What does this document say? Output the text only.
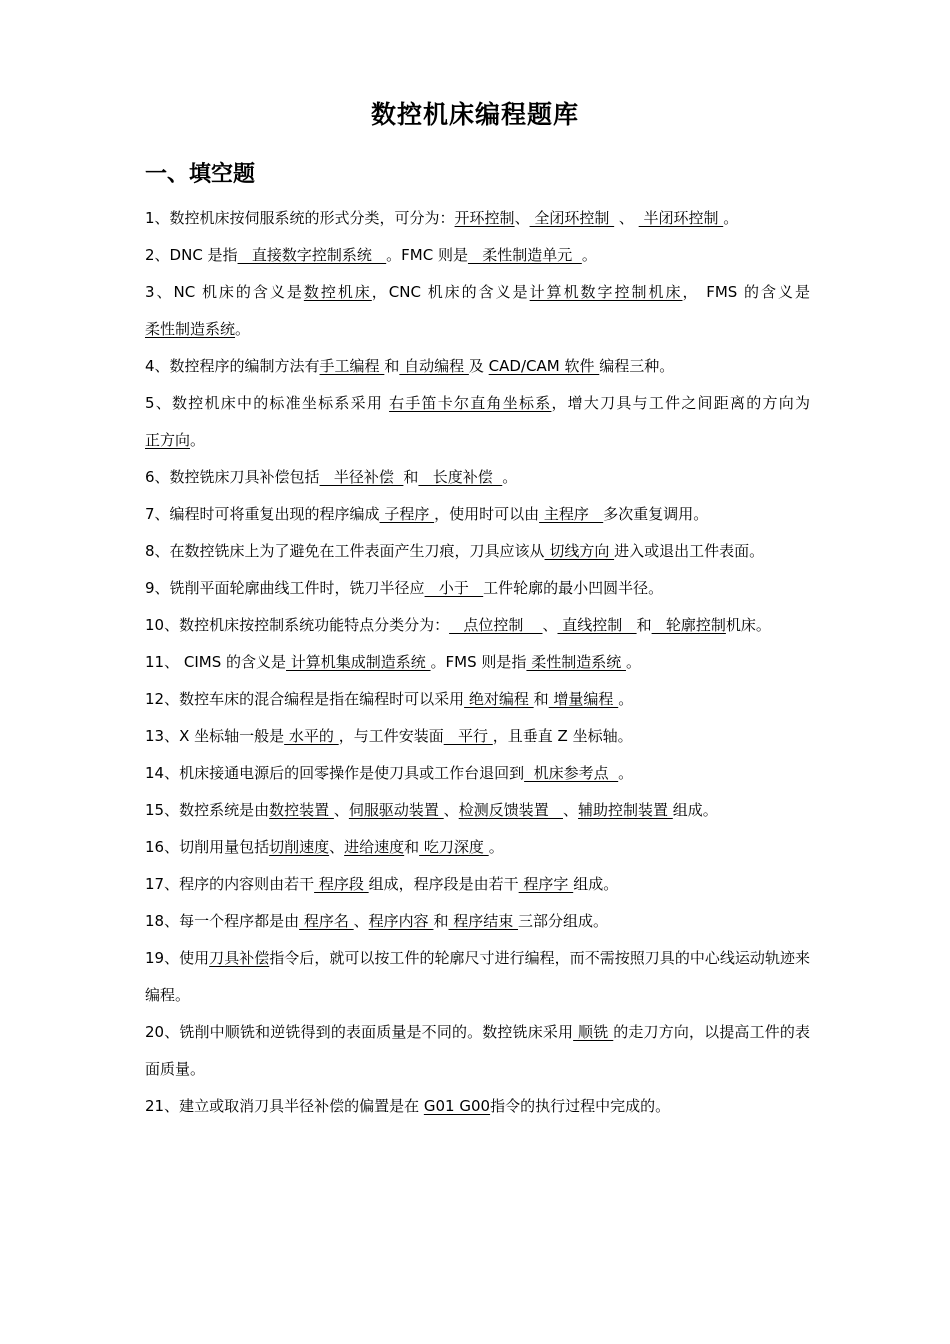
数控机床编程题库
一、填空题

1、数控机床按伺服系统的形式分类，可分为：开环控制、 全闭环控制  、  半闭环控制 。

2、DNC 是指   直接数字控制系统   。FMC 则是   柔性制造单元  。

3、NC 机床的含义是数控机床，CNC 机床的含义是计算机数字控制机床， FMS 的含义是柔性制造系统。

4、数控程序的编制方法有手工编程 和 自动编程 及 CAD/CAM 软件 编程三种。

5、数控机床中的标准坐标系采用 右手笛卡尔直角坐标系，增大刀具与工件之间距离的方向为正方向。

6、数控铣床刀具补偿包括   半径补偿  和   长度补偿  。

7、编程时可将重复出现的程序编成 子程序 ，使用时可以由 主程序   多次重复调用。

8、在数控铣床上为了避免在工件表面产生刀痕，刀具应该从 切线方向 进入或退出工件表面。

9、铣削平面轮廓曲线工件时，铣刀半径应   小于   工件轮廓的最小凹圆半径。

10、数控机床按控制系统功能特点分类分为：   点位控制    、 直线控制   和   轮廓控制机床。

11、 CIMS 的含义是 计算机集成制造系统 。FMS 则是指 柔性制造系统 。

12、数控车床的混合编程是指在编程时可以采用 绝对编程 和 增量编程 。

13、X 坐标轴一般是 水平的 ，与工件安装面   平行 ，且垂直 Z 坐标轴。

14、机床接通电源后的回零操作是使刀具或工作台退回到  机床参考点  。

15、数控系统是由数控装置 、伺服驱动装置 、检测反馈装置   、辅助控制装置 组成。

16、切削用量包括切削速度、进给速度和 吃刀深度 。

17、程序的内容则由若干 程序段 组成，程序段是由若干 程序字 组成。

18、每一个程序都是由 程序名 、程序内容 和 程序结束 三部分组成。

19、使用刀具补偿指令后，就可以按工件的轮廓尺寸进行编程，而不需按照刀具的中心线运动轨迹来编程。

20、铣削中顺铣和逆铣得到的表面质量是不同的。数控铣床采用 顺铣 的走刀方向，以提高工件的表面质量。

21、建立或取消刀具半径补偿的偏置是在 G01 G00指令的执行过程中完成的。
